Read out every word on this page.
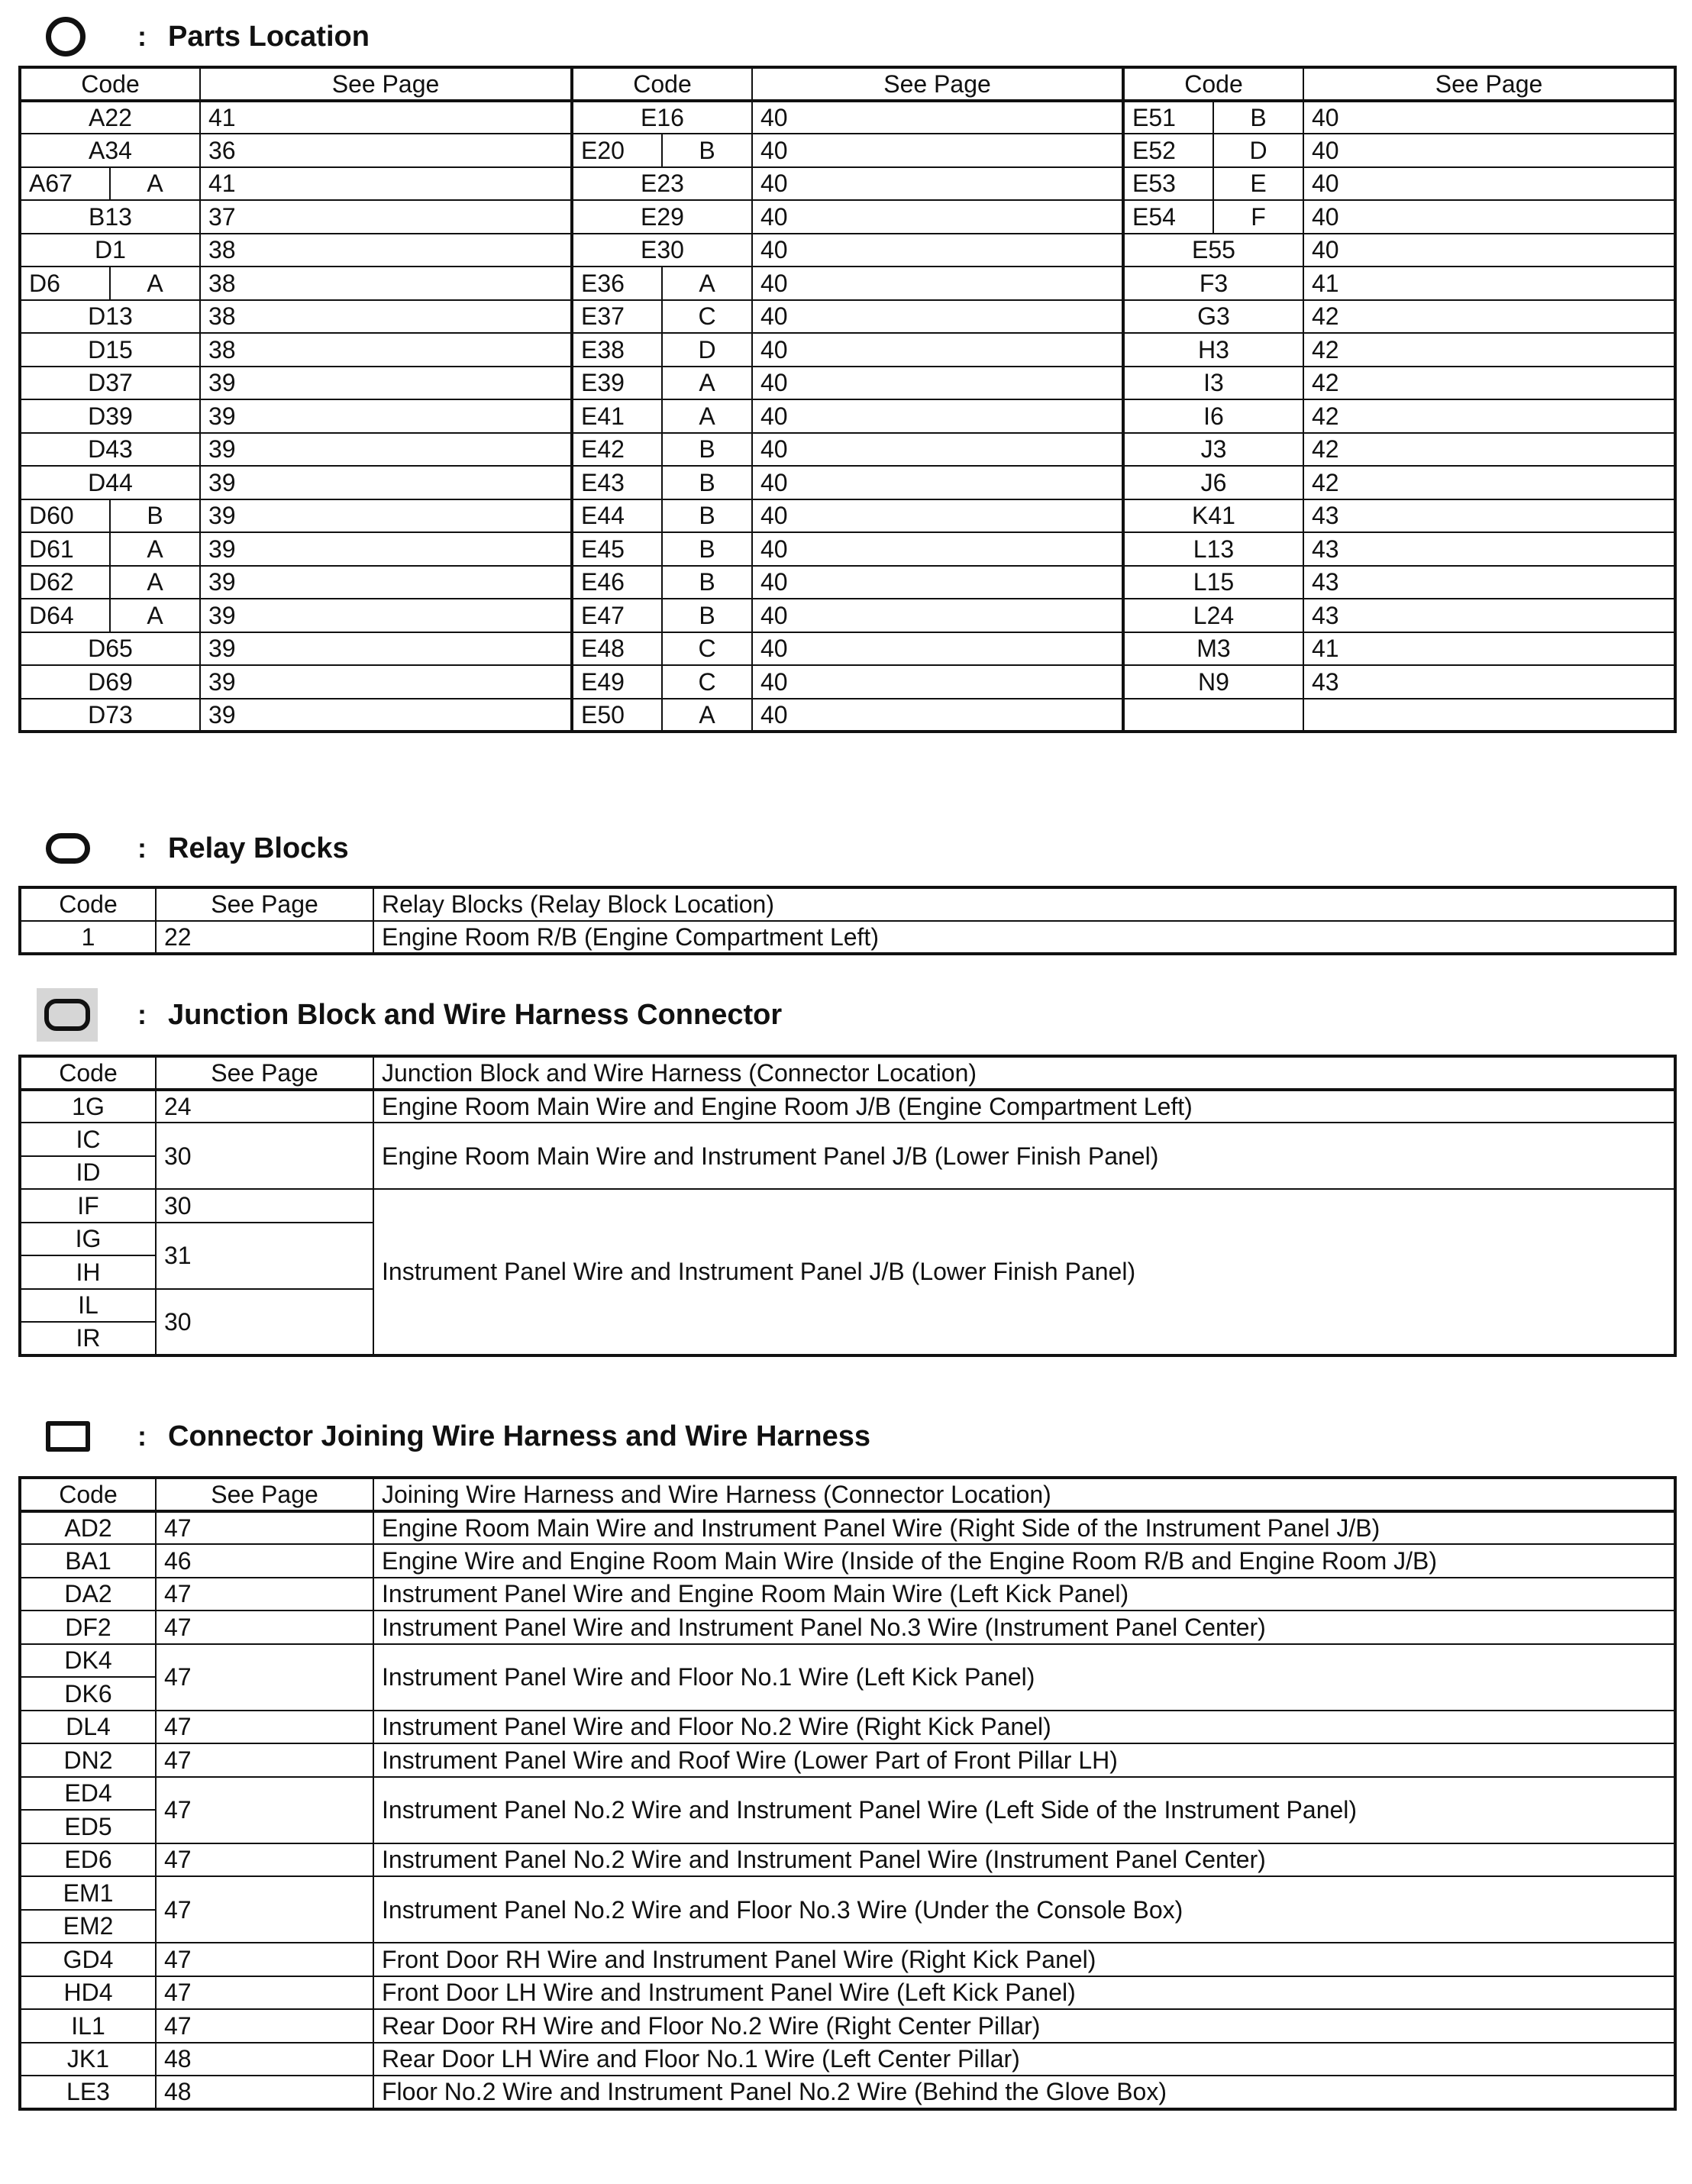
: Parts Location
Code		See Page	Code		See Page	Code		See Page
A22		41	E16		40	E51	B	40
A34		36	E20	B	40	E52	D	40
A67	A	41	E23		40	E53	E	40
B13		37	E29		40	E54	F	40
D1		38	E30		40	E55		40
D6	A	38	E36	A	40	F3		41
D13		38	E37	C	40	G3		42
D15		38	E38	D	40	H3		42
D37		39	E39	A	40	I3		42
D39		39	E41	A	40	I6		42
D43		39	E42	B	40	J3		42
D44		39	E43	B	40	J6		42
D60	B	39	E44	B	40	K41		43
D61	A	39	E45	B	40	L13		43
D62	A	39	E46	B	40	L15		43
D64	A	39	E47	B	40	L24		43
D65		39	E48	C	40	M3		41
D69		39	E49	C	40	N9		43
D73		39	E50	A	40			
: Relay Blocks
Code	See Page	Relay Blocks (Relay Block Location)
1	22	Engine Room R/B (Engine Compartment Left)
: Junction Block and Wire Harness Connector
Code	See Page	Junction Block and Wire Harness (Connector Location)
1G	24	Engine Room Main Wire and Engine Room J/B (Engine Compartment Left)
IC	30	Engine Room Main Wire and Instrument Panel J/B (Lower Finish Panel)
ID		
IF	30	Instrument Panel Wire and Instrument Panel J/B (Lower Finish Panel)
IG	31	
IH		
IL	30	
IR		
: Connector Joining Wire Harness and Wire Harness
Code	See Page	Joining Wire Harness and Wire Harness (Connector Location)
AD2	47	Engine Room Main Wire and Instrument Panel Wire (Right Side of the Instrument Panel J/B)
BA1	46	Engine Wire and Engine Room Main Wire (Inside of the Engine Room R/B and Engine Room J/B)
DA2	47	Instrument Panel Wire and Engine Room Main Wire (Left Kick Panel)
DF2	47	Instrument Panel Wire and Instrument Panel No.3 Wire (Instrument Panel Center)
DK4	47	Instrument Panel Wire and Floor No.1 Wire (Left Kick Panel)
DK6		
DL4	47	Instrument Panel Wire and Floor No.2 Wire (Right Kick Panel)
DN2	47	Instrument Panel Wire and Roof Wire (Lower Part of Front Pillar LH)
ED4	47	Instrument Panel No.2 Wire and Instrument Panel Wire (Left Side of the Instrument Panel)
ED5		
ED6	47	Instrument Panel No.2 Wire and Instrument Panel Wire (Instrument Panel Center)
EM1	47	Instrument Panel No.2 Wire and Floor No.3 Wire (Under the Console Box)
EM2		
GD4	47	Front Door RH Wire and Instrument Panel Wire (Right Kick Panel)
HD4	47	Front Door LH Wire and Instrument Panel Wire (Left Kick Panel)
IL1	47	Rear Door RH Wire and Floor No.2 Wire (Right Center Pillar)
JK1	48	Rear Door LH Wire and Floor No.1 Wire (Left Center Pillar)
LE3	48	Floor No.2 Wire and Instrument Panel No.2 Wire (Behind the Glove Box)
